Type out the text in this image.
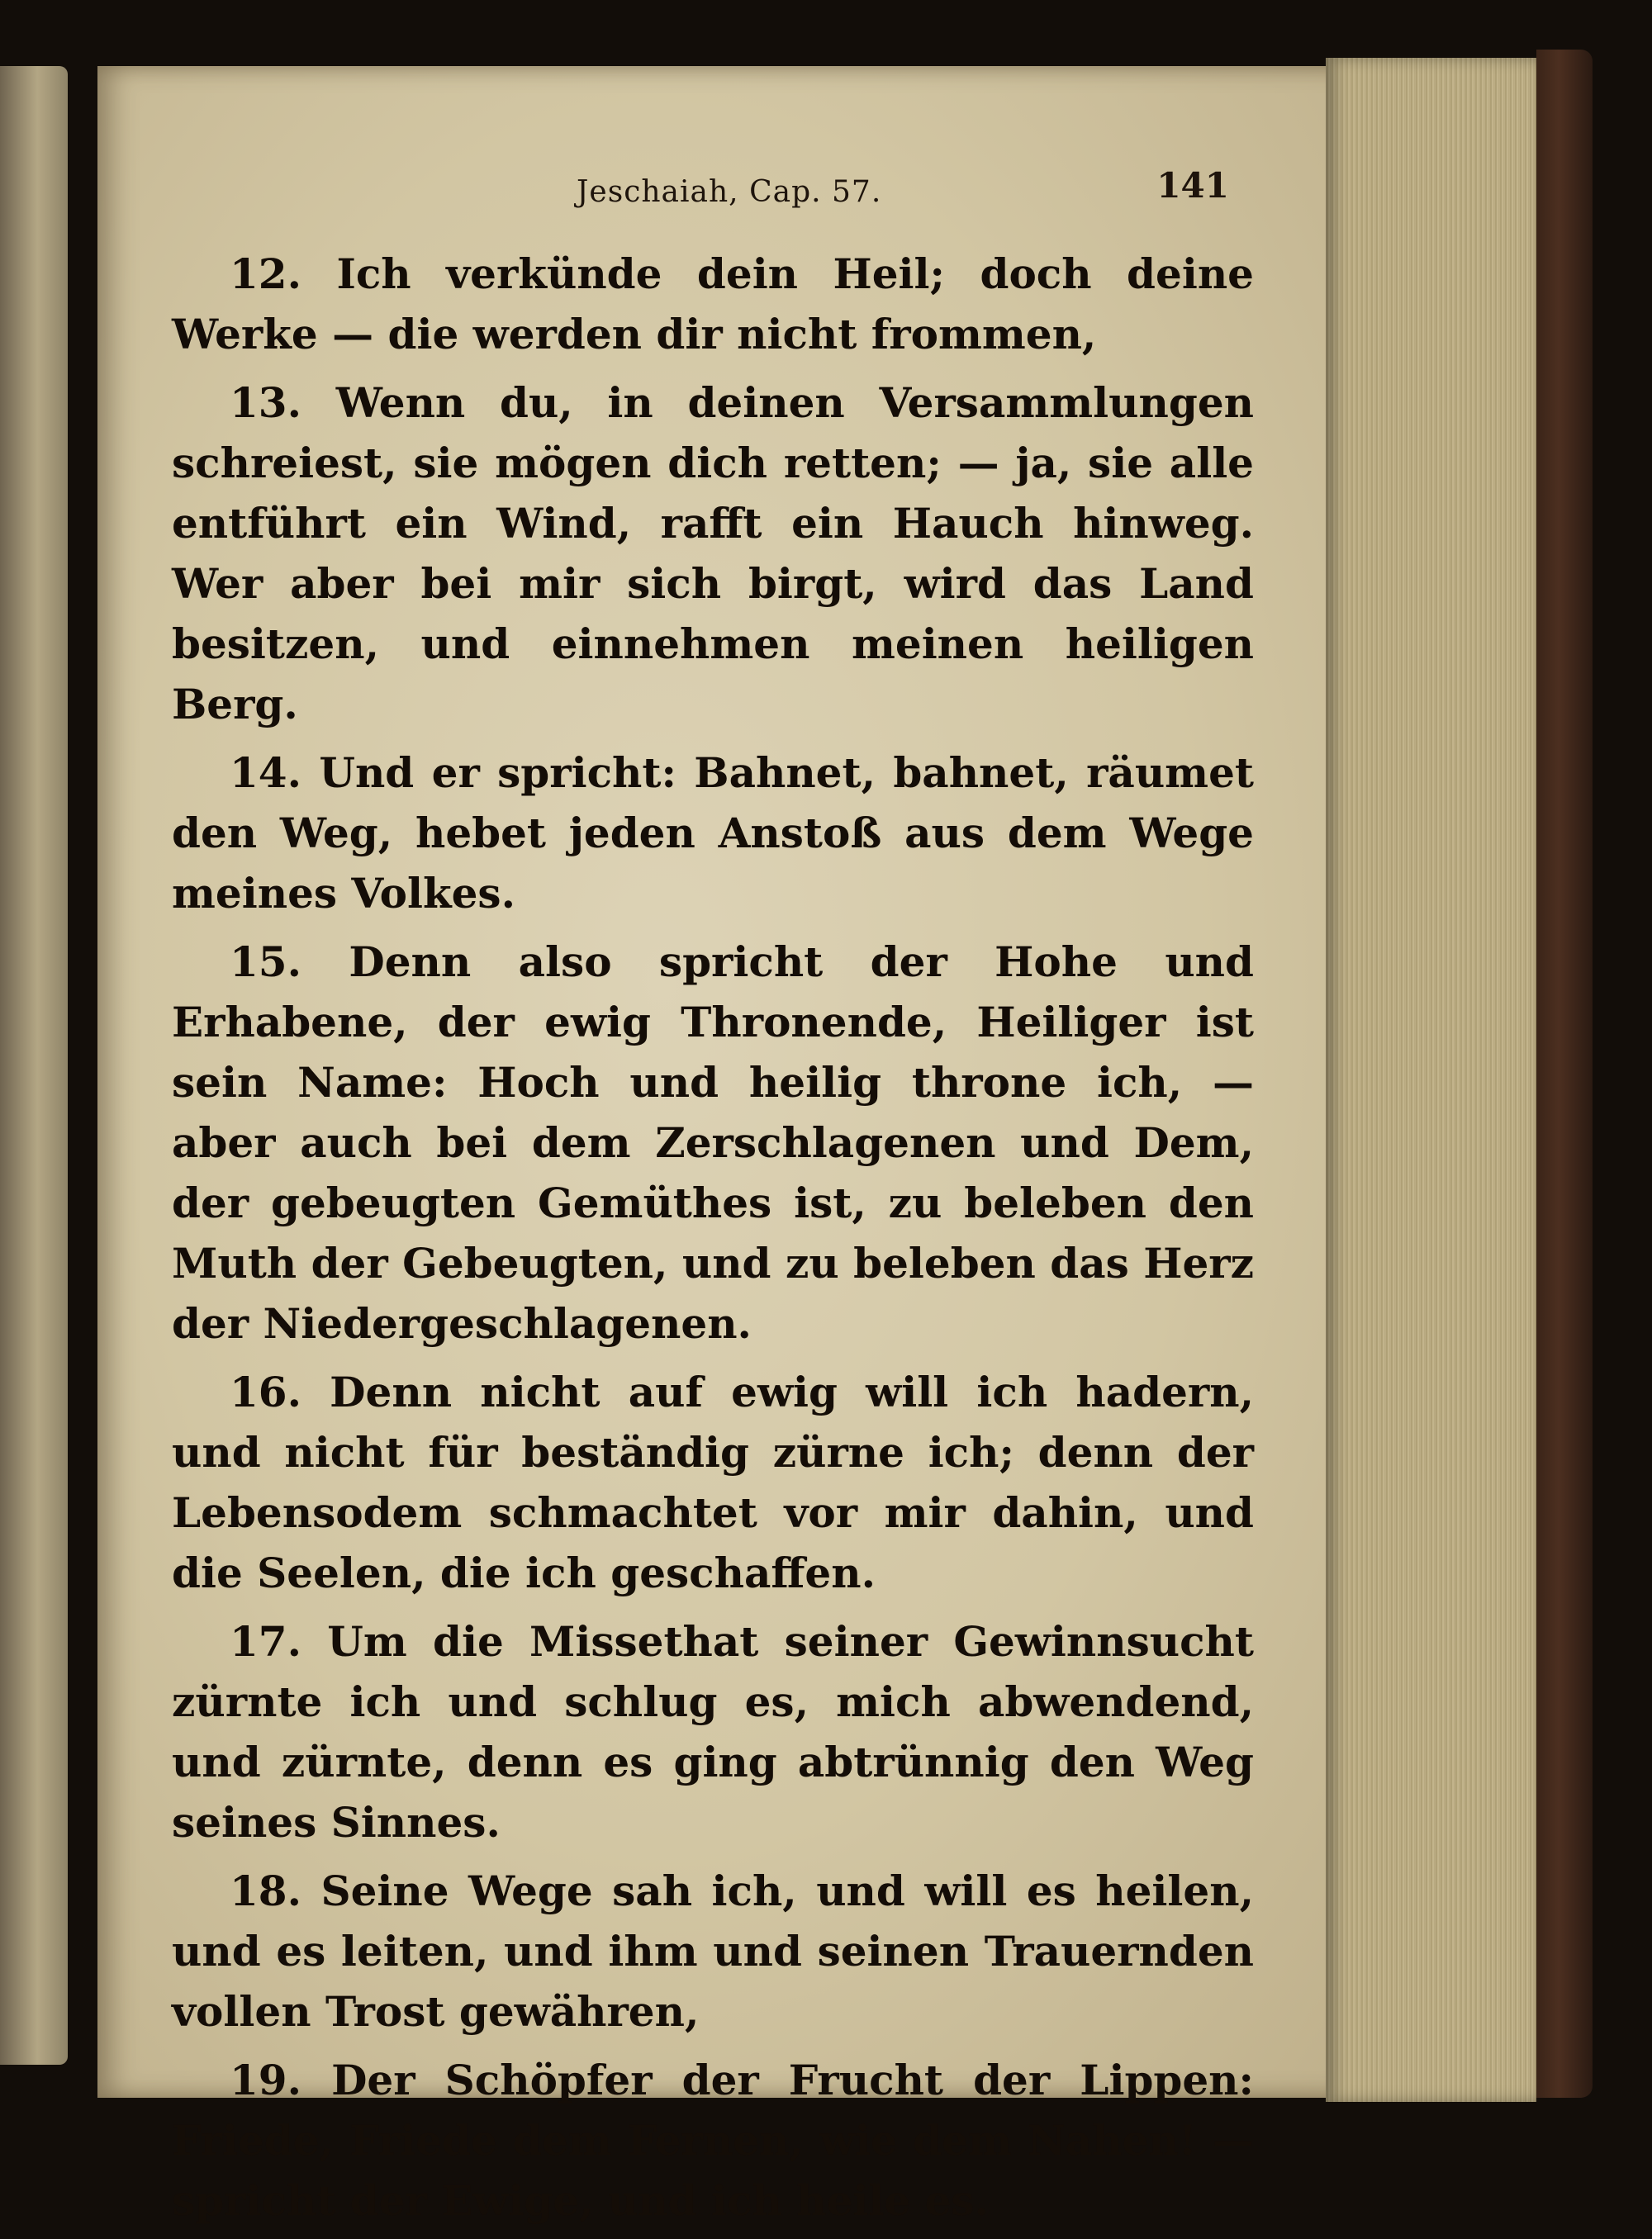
Jeschaiah, Cap. 57.	141

12. Ich verkünde dein Heil; doch deine Werke — die werden dir nicht frommen,

13. Wenn du, in deinen Versammlungen schreiest, sie mögen dich retten; — ja, sie alle entführt ein Wind, rafft ein Hauch hinweg. Wer aber bei mir sich birgt, wird das Land besitzen, und einnehmen meinen heiligen Berg.

14. Und er spricht: Bahnet, bahnet, räumet den Weg, hebet jeden Anstoß aus dem Wege meines Volkes.

15. Denn also spricht der Hohe und Erhabene, der ewig Thronende, Heiliger ist sein Name: Hoch und heilig throne ich, — aber auch bei dem Zerschlagenen und Dem, der gebeugten Gemüthes ist, zu beleben den Muth der Gebeugten, und zu beleben das Herz der Niedergeschlagenen.

16. Denn nicht auf ewig will ich hadern, und nicht für beständig zürne ich; denn der Lebensodem schmachtet vor mir dahin, und die Seelen, die ich geschaffen.

17. Um die Missethat seiner Gewinnsucht zürnte ich und schlug es, mich abwendend, und zürnte, denn es ging abtrünnig den Weg seines Sinnes.

18. Seine Wege sah ich, und will es heilen, und es leiten, und ihm und seinen Trauernden vollen Trost gewähren,

19. Der Schöpfer der Frucht der Lippen: Friede, Friede dem Fernen, wie dem Nahen! — spricht der Ewige, und ich heile es.
